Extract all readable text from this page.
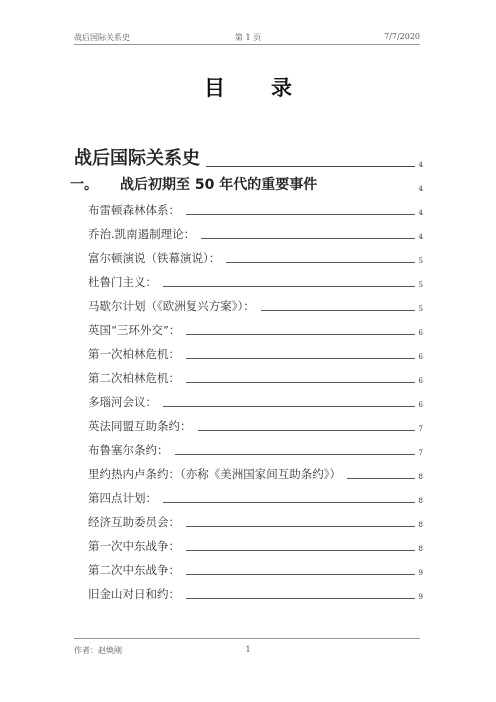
战后国际关系史	第 1 页	7/7/2020
目 录
战后国际关系史	4
一。 战后初期至 50 年代的重要事件	4
布雷顿森林体系：	4
乔治.凯南遏制理论：	4
富尔顿演说（铁幕演说）：	5
杜鲁门主义：	5
马歇尔计划（《欧洲复兴方案》）：	5
英国“三环外交”：	6
第一次柏林危机：	6
第二次柏林危机：	6
多瑙河会议：	6
英法同盟互助条约：	7
布鲁塞尔条约：	7
里约热内卢条约：（亦称《美洲国家间互助条约》）	8
第四点计划：	8
经济互助委员会：	8
第一次中东战争：	8
第二次中东战争：	9
旧金山对日和约：	9
作者：赵焕刚	1
